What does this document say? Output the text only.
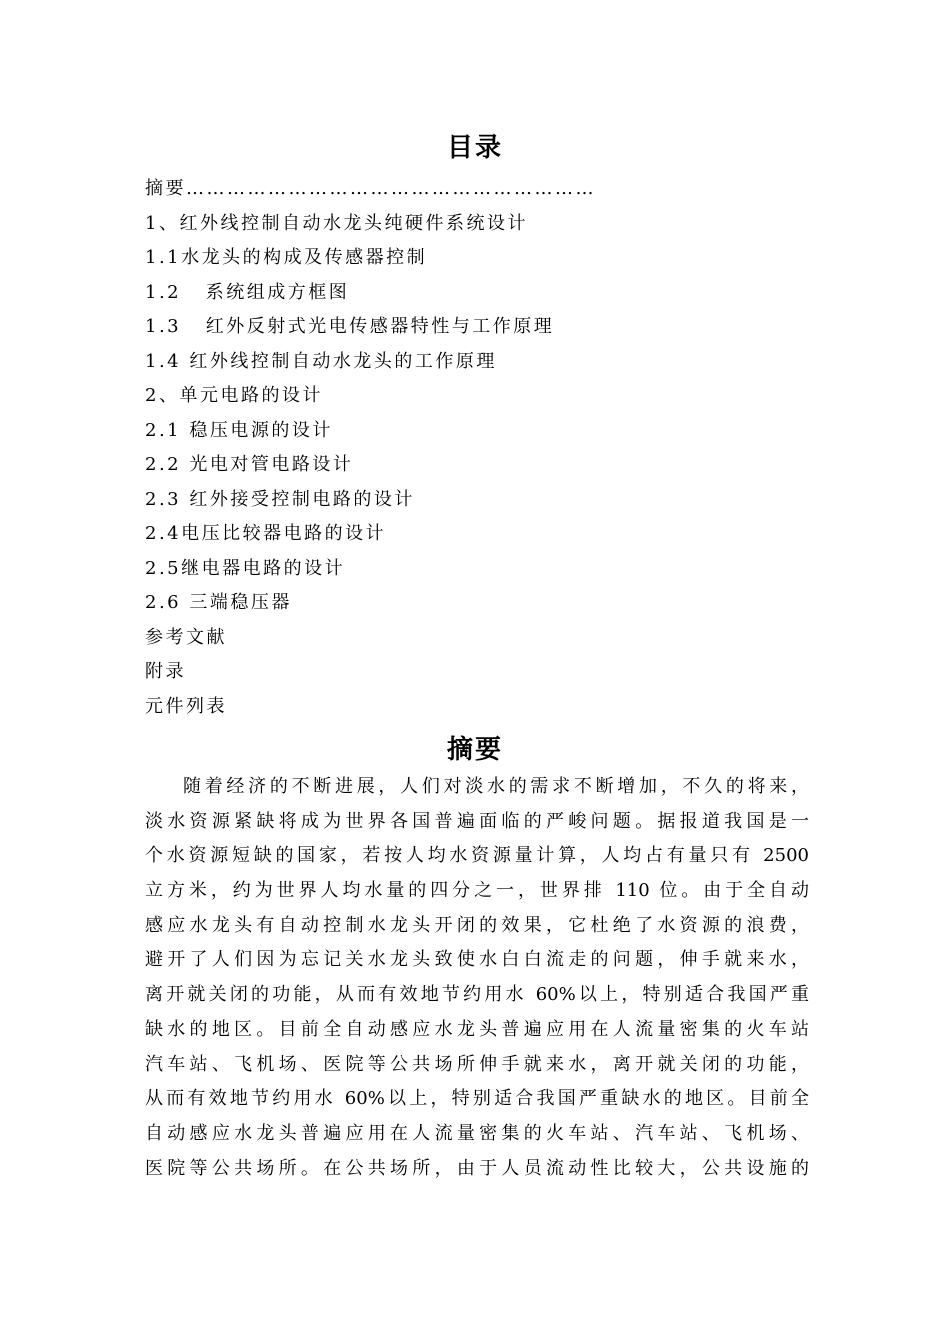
目录
摘要……………………………………………………
1、红外线控制自动水龙头纯硬件系统设计
1.1水龙头的构成及传感器控制
1.2   系统组成方框图
1.3   红外反射式光电传感器特性与工作原理
1.4 红外线控制自动水龙头的工作原理
2、单元电路的设计
2.1 稳压电源的设计
2.2 光电对管电路设计
2.3 红外接受控制电路的设计
2.4电压比较器电路的设计
2.5继电器电路的设计
2.6 三端稳压器
参考文献
附录
元件列表
摘要
随着经济的不断进展，人们对淡水的需求不断增加，不久的将来，
淡水资源紧缺将成为世界各国普遍面临的严峻问题。据报道我国是一
个水资源短缺的国家，若按人均水资源量计算，人均占有量只有 2500
立方米，约为世界人均水量的四分之一，世界排 110 位。由于全自动
感应水龙头有自动控制水龙头开闭的效果，它杜绝了水资源的浪费，
避开了人们因为忘记关水龙头致使水白白流走的问题，伸手就来水，
离开就关闭的功能，从而有效地节约用水 60%以上，特别适合我国严重
缺水的地区。目前全自动感应水龙头普遍应用在人流量密集的火车站
汽车站、飞机场、医院等公共场所伸手就来水，离开就关闭的功能，
从而有效地节约用水 60%以上，特别适合我国严重缺水的地区。目前全
自动感应水龙头普遍应用在人流量密集的火车站、汽车站、飞机场、
医院等公共场所。在公共场所，由于人员流动性比较大，公共设施的
